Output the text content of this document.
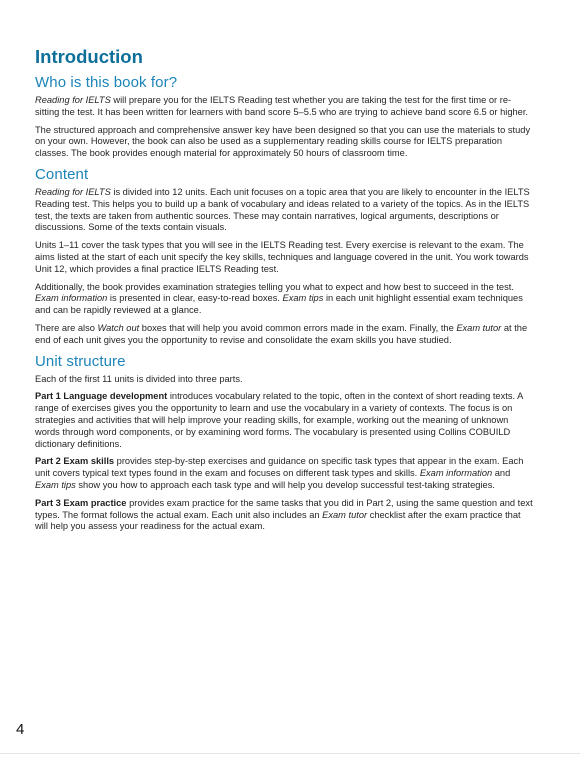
Introduction
Who is this book for?

Reading for IELTS will prepare you for the IELTS Reading test whether you are taking the test for the first time or re-sitting the test. It has been written for learners with band score 5–5.5 who are trying to achieve band score 6.5 or higher.

The structured approach and comprehensive answer key have been designed so that you can use the materials to study on your own. However, the book can also be used as a supplementary reading skills course for IELTS preparation classes. The book provides enough material for approximately 50 hours of classroom time.

Content

Reading for IELTS is divided into 12 units. Each unit focuses on a topic area that you are likely to encounter in the IELTS Reading test. This helps you to build up a bank of vocabulary and ideas related to a variety of the topics. As in the IELTS test, the texts are taken from authentic sources. These may contain narratives, logical arguments, descriptions or discussions. Some of the texts contain visuals.

Units 1–11 cover the task types that you will see in the IELTS Reading test. Every exercise is relevant to the exam. The aims listed at the start of each unit specify the key skills, techniques and language covered in the unit. You work towards Unit 12, which provides a final practice IELTS Reading test.

Additionally, the book provides examination strategies telling you what to expect and how best to succeed in the test. Exam information is presented in clear, easy-to-read boxes. Exam tips in each unit highlight essential exam techniques and can be rapidly reviewed at a glance.

There are also Watch out boxes that will help you avoid common errors made in the exam. Finally, the Exam tutor at the end of each unit gives you the opportunity to revise and consolidate the exam skills you have studied.

Unit structure

Each of the first 11 units is divided into three parts.

Part 1 Language development introduces vocabulary related to the topic, often in the context of short reading texts. A range of exercises gives you the opportunity to learn and use the vocabulary in a variety of contexts. The focus is on strategies and activities that will help improve your reading skills, for example, working out the meaning of unknown words through word components, or by examining word forms. The vocabulary is presented using Collins COBUILD dictionary definitions.

Part 2 Exam skills provides step-by-step exercises and guidance on specific task types that appear in the exam. Each unit covers typical text types found in the exam and focuses on different task types and skills. Exam information and Exam tips show you how to approach each task type and will help you develop successful test-taking strategies.

Part 3 Exam practice provides exam practice for the same tasks that you did in Part 2, using the same question and text types. The format follows the actual exam. Each unit also includes an Exam tutor checklist after the exam practice that will help you assess your readiness for the actual exam.

4
